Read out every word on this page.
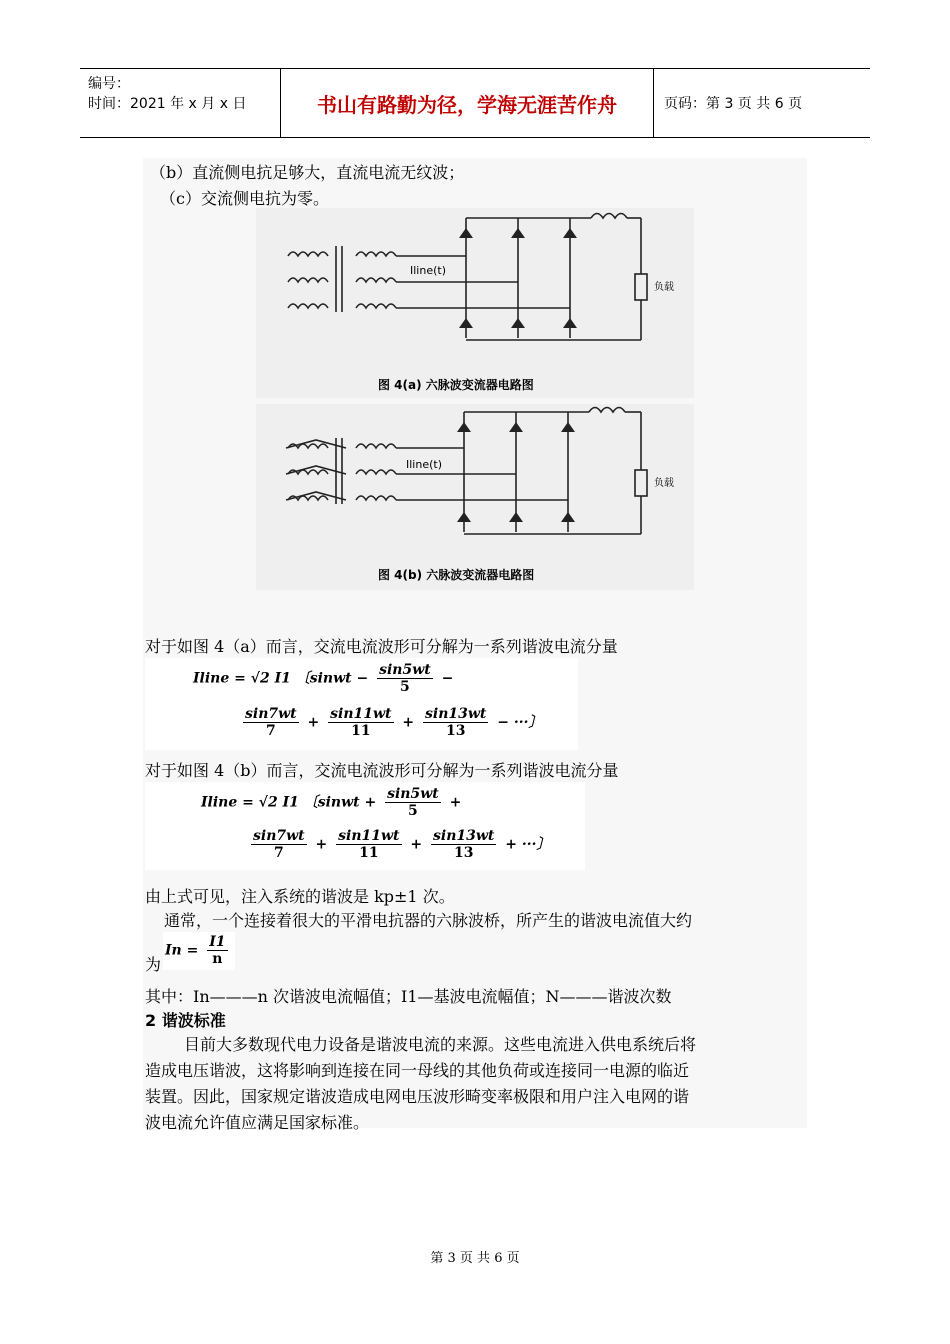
编号：
时间：2021 年 x 月 x 日	书山有路勤为径，学海无涯苦作舟	页码：第 3 页 共 6 页
（b）直流侧电抗足够大，直流电流无纹波；
（c）交流侧电抗为零。
Iline(t)
负载
图 4(a) 六脉波变流器电路图
Iline(t)
负载
图 4(b) 六脉波变流器电路图
对于如图 4（a）而言，交流电流波形可分解为一系列谐波电流分量
Iline = √2 I1 〔sinwt − $\frac{\sin 5wt}{5}$ −
$\frac{\sin 7wt}{7} + \frac{\sin 11wt}{11} + \frac{\sin 13wt}{13}$ − ···〕
对于如图 4（b）而言，交流电流波形可分解为一系列谐波电流分量
Iline = √2 I1 〔sinwt + $\frac{\sin 5wt}{5}$ +
$\frac{\sin 7wt}{7} + \frac{\sin 11wt}{11} + \frac{\sin 13wt}{13}$ + ···〕
由上式可见，注入系统的谐波是 kp±1 次。
通常，一个连接着很大的平滑电抗器的六脉波桥，所产生的谐波电流值大约
为
$In = \frac{I1}{n}$
其中：In———n 次谐波电流幅值；I1—基波电流幅值；N———谐波次数
2 谐波标准
目前大多数现代电力设备是谐波电流的来源。这些电流进入供电系统后将
造成电压谐波，这将影响到连接在同一母线的其他负荷或连接同一电源的临近
装置。因此，国家规定谐波造成电网电压波形畸变率极限和用户注入电网的谐
波电流允许值应满足国家标准。
第 3 页 共 6 页
